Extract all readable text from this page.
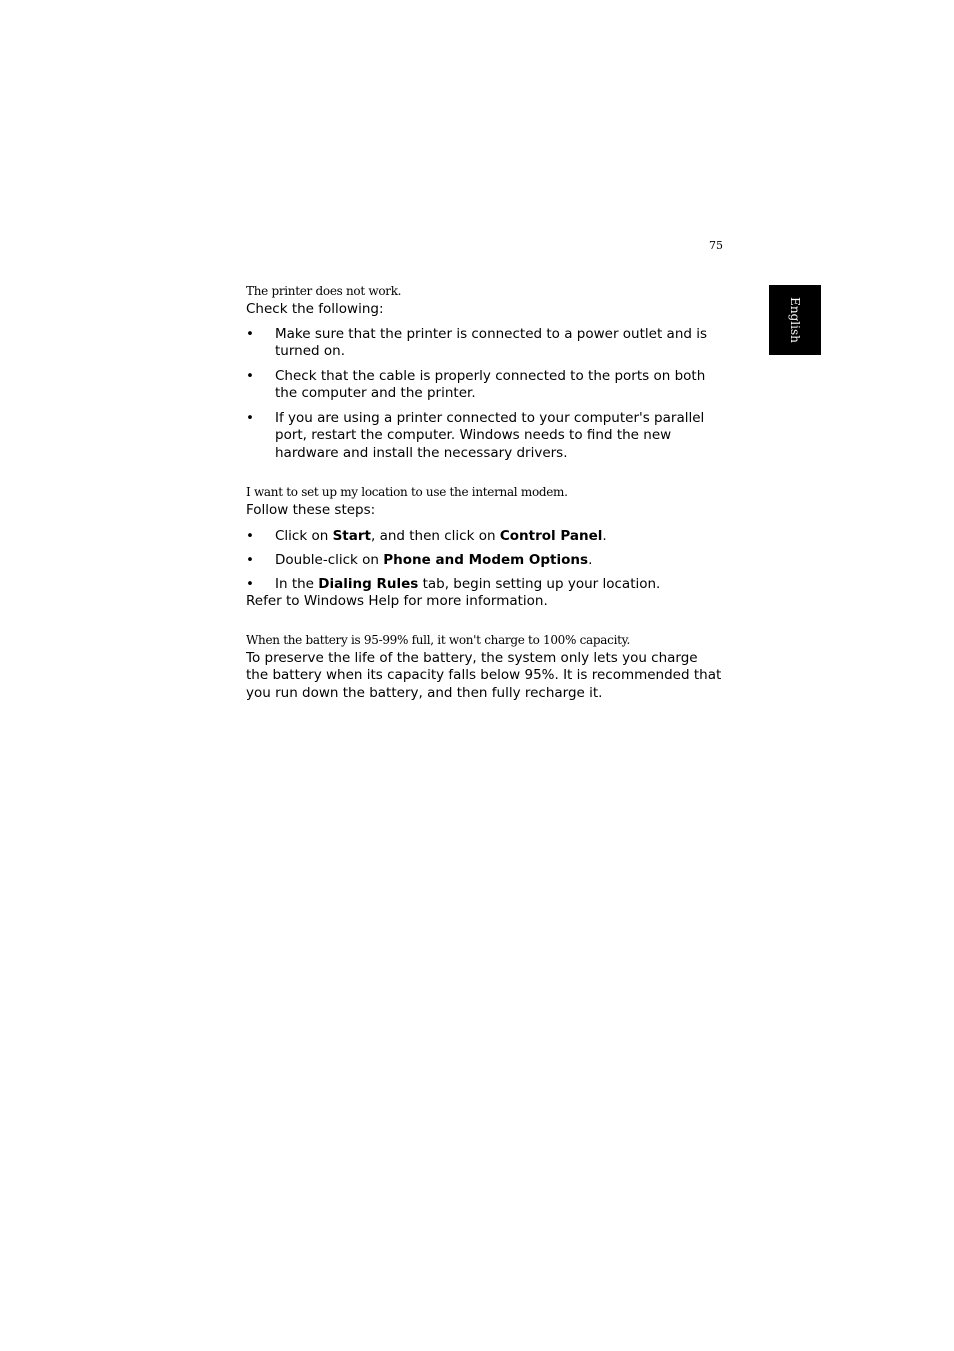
75
English

The printer does not work.

Check the following:

• Make sure that the printer is connected to a power outlet and is turned on.
• Check that the cable is properly connected to the ports on both the computer and the printer.
• If you are using a printer connected to your computer's parallel port, restart the computer. Windows needs to find the new hardware and install the necessary drivers.

I want to set up my location to use the internal modem.

Follow these steps:

• Click on Start, and then click on Control Panel.
• Double-click on Phone and Modem Options.
• In the Dialing Rules tab, begin setting up your location.

Refer to Windows Help for more information.

When the battery is 95-99% full, it won't charge to 100% capacity.

To preserve the life of the battery, the system only lets you charge the battery when its capacity falls below 95%. It is recommended that you run down the battery, and then fully recharge it.
